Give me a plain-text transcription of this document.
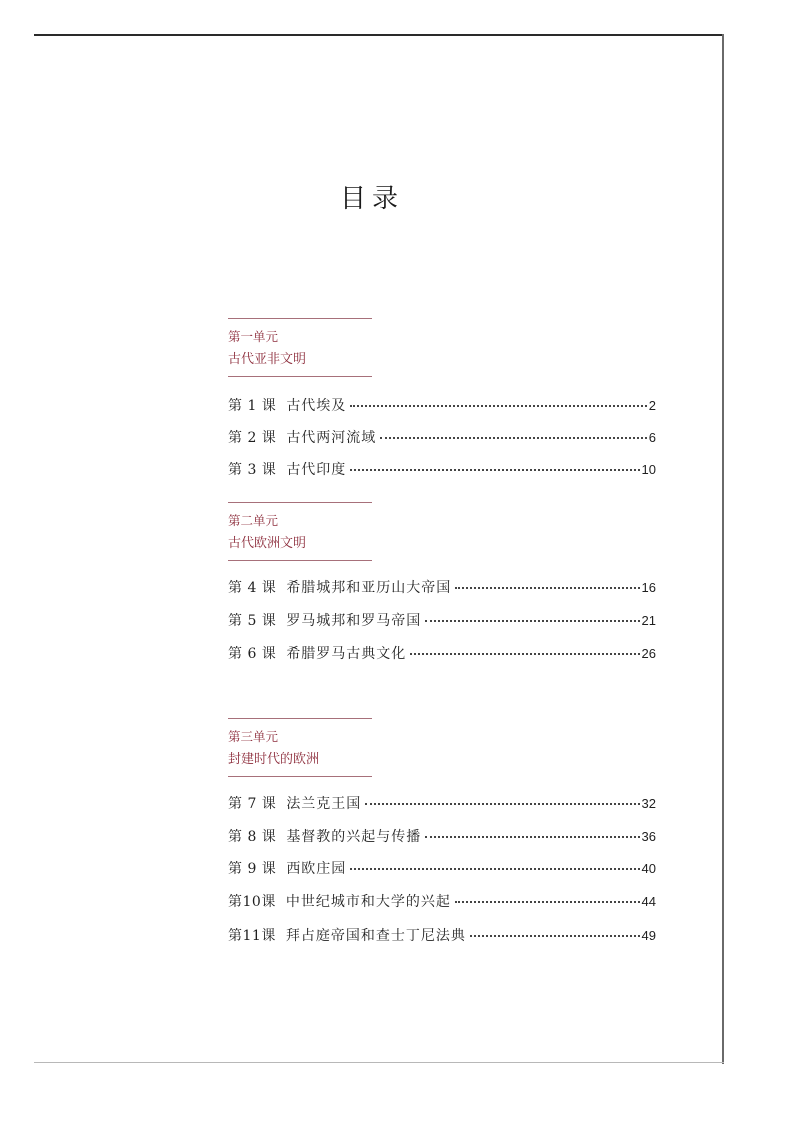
目录
第一单元
古代亚非文明
第 1 课 古代埃及	2
第 2 课 古代两河流域	6
第 3 课 古代印度	10
第二单元
古代欧洲文明
第 4 课 希腊城邦和亚历山大帝国	16
第 5 课 罗马城邦和罗马帝国	21
第 6 课 希腊罗马古典文化	26
第三单元
封建时代的欧洲
第 7 课 法兰克王国	32
第 8 课 基督教的兴起与传播	36
第 9 课 西欧庄园	40
第10课 中世纪城市和大学的兴起	44
第11课 拜占庭帝国和查士丁尼法典	49
